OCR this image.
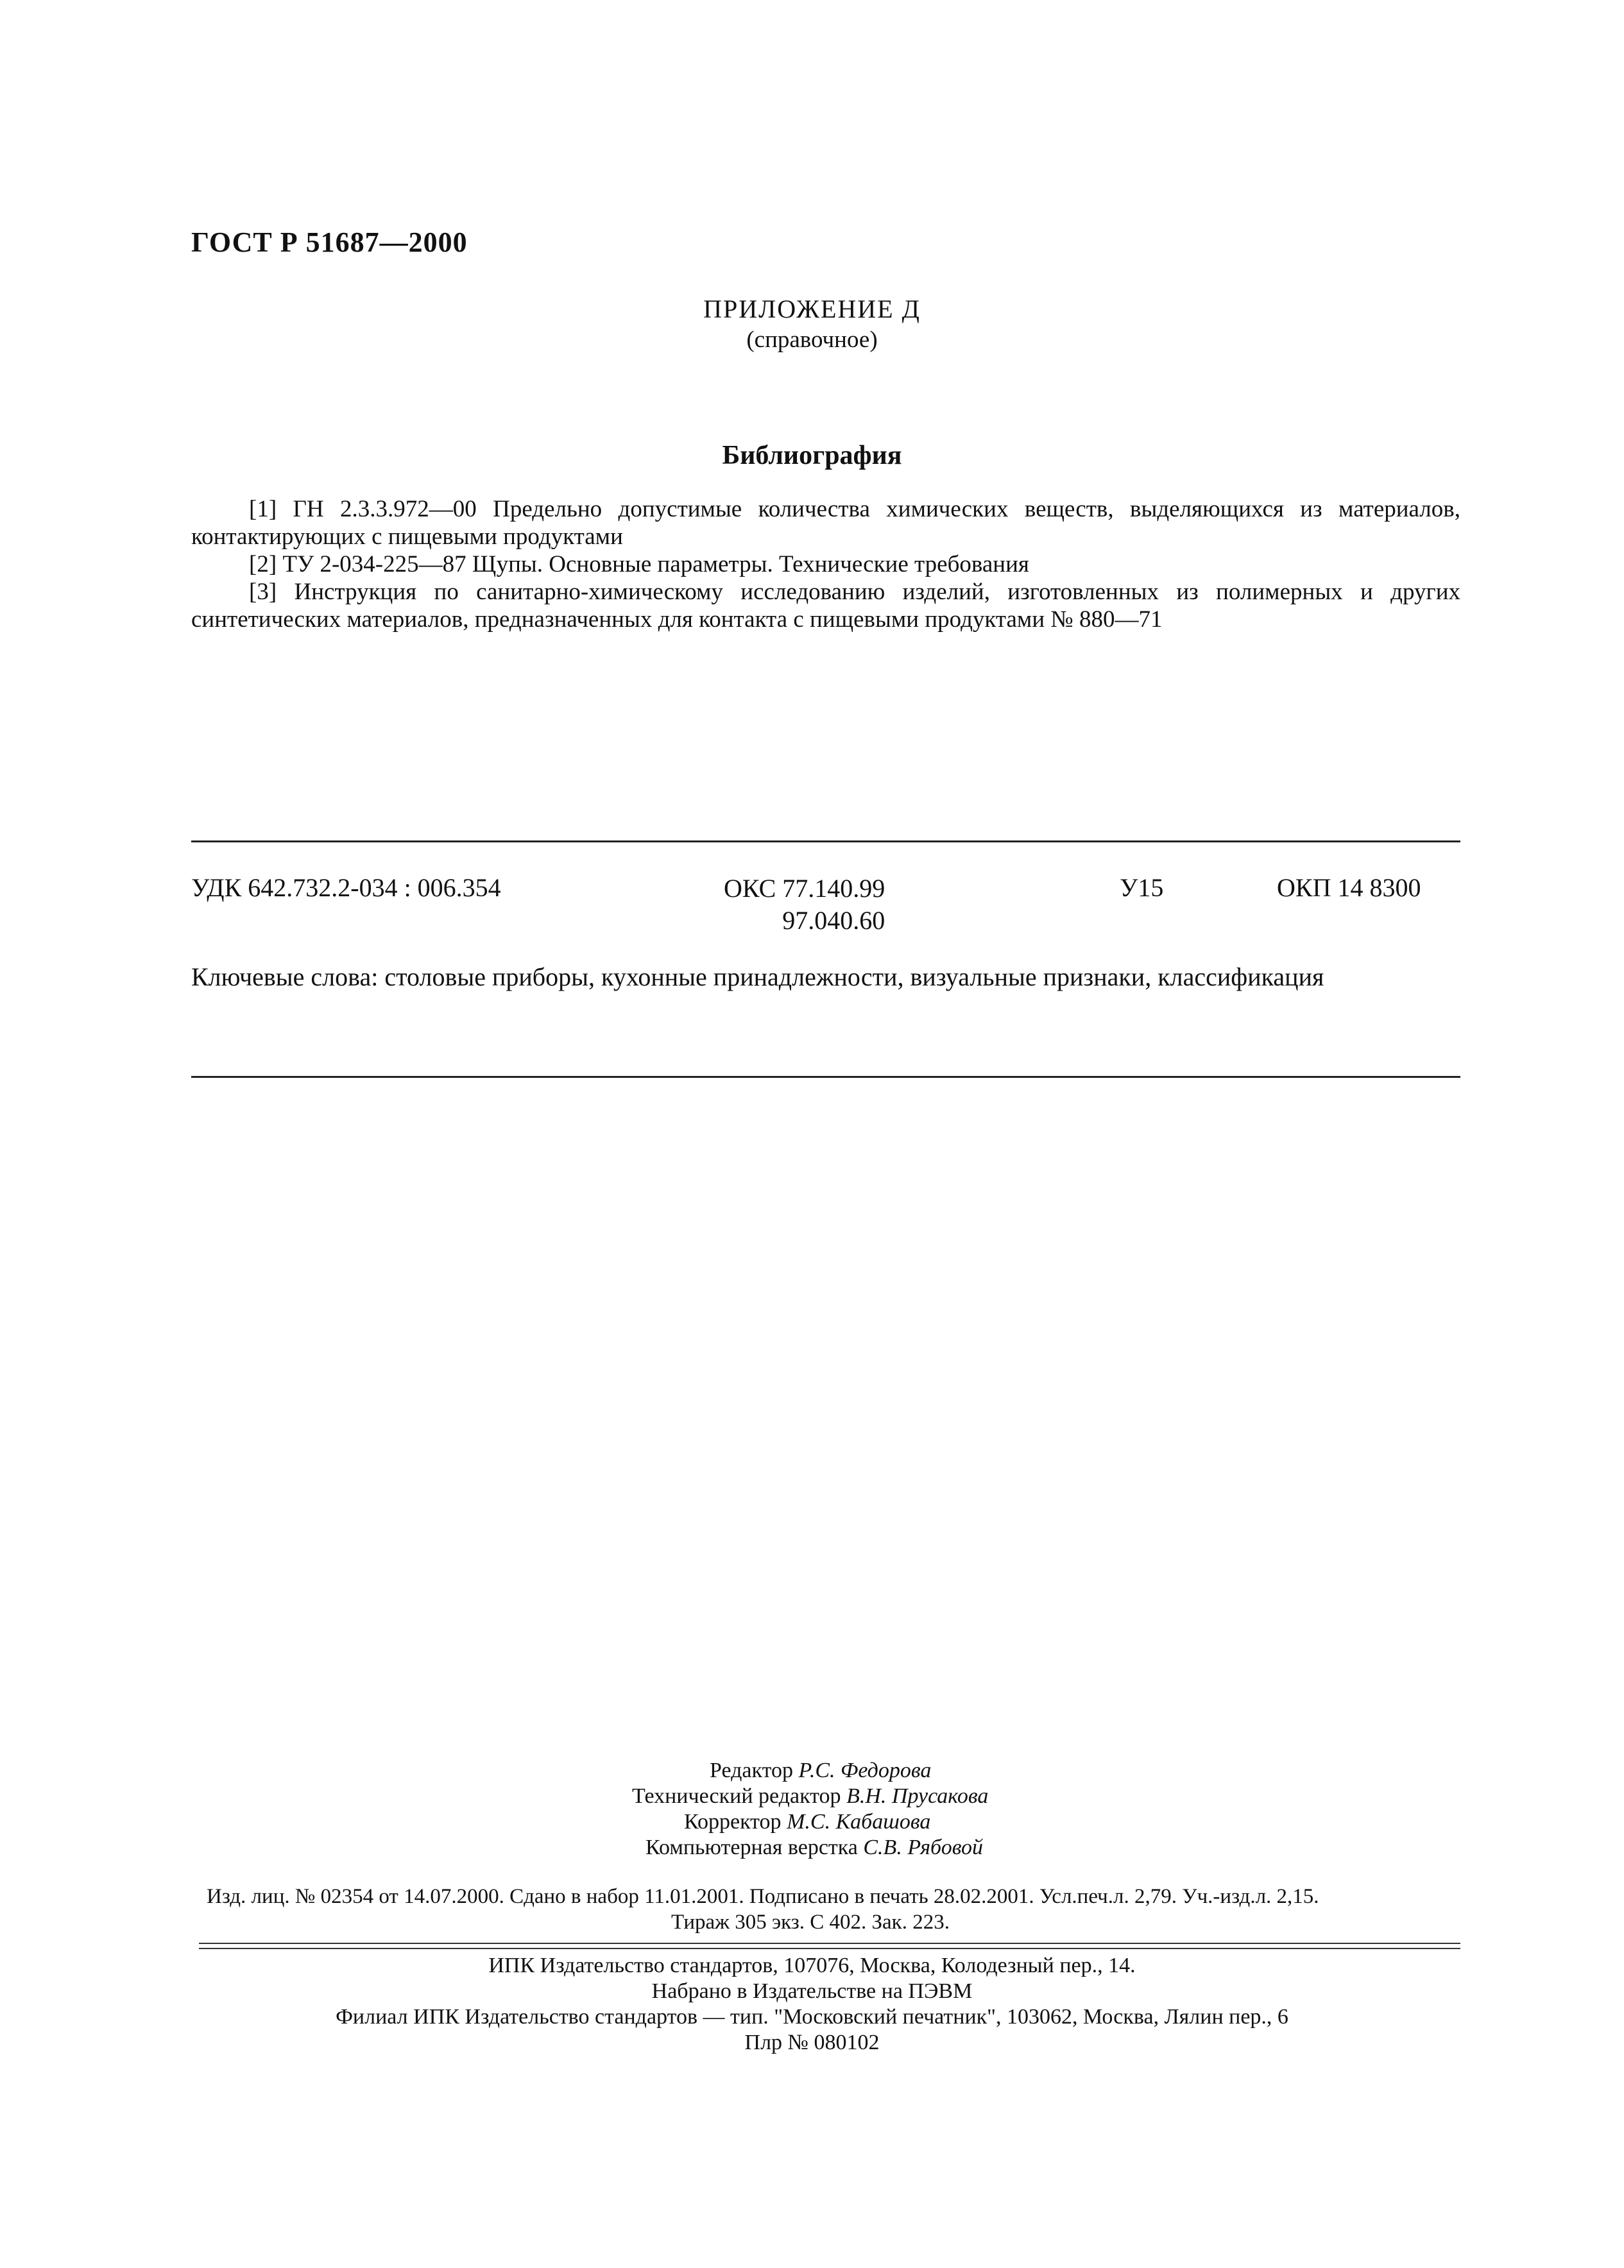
ГОСТ Р 51687—2000
ПРИЛОЖЕНИЕ Д
(справочное)
Библиография

[1] ГН 2.3.3.972—00 Предельно допустимые количества химических веществ, выделяющихся из материалов, контактирующих с пищевыми продуктами

[2] ТУ 2-034-225—87 Щупы. Основные параметры. Технические требования

[3] Инструкция по санитарно-химическому исследованию изделий, изготовленных из полимерных и других синтетических материалов, предназначенных для контакта с пищевыми продуктами № 880—71

УДК 642.732.2-034 : 006.354	ОКС 77.140.99
97.040.60
У15	ОКП 14 8300
Ключевые слова: столовые приборы, кухонные принадлежности, визуальные признаки, классификация
Редактор Р.С. Федорова
Технический редактор В.Н. Прусакова
Корректор М.С. Кабашова
Компьютерная верстка С.В. Рябовой
Изд. лиц. № 02354 от 14.07.2000. Сдано в набор 11.01.2001. Подписано в печать 28.02.2001. Усл.печ.л. 2,79. Уч.-изд.л. 2,15.
Тираж 305 экз. С 402. Зак. 223.
ИПК Издательство стандартов, 107076, Москва, Колодезный пер., 14.
Набрано в Издательстве на ПЭВМ
Филиал ИПК Издательство стандартов — тип. "Московский печатник", 103062, Москва, Лялин пер., 6
Плр № 080102
